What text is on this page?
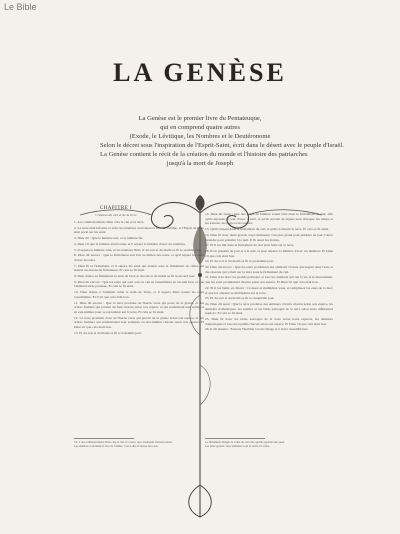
Le Bible
LA GENÈSE
La Genèse est le premier livre du Pentateuque,
qui en comprend quatre autres
(Exode, le Lévitique, les Nombres et le Deutéronome
Selon le décret sous l'inspiration de l'Esprit-Saint, écrit dans le désert avec le peuple d'Israël.
La Genèse contient le récit de la création du monde et l'histoire des patriarches
jusqu'à la mort de Joseph
CHAPITRE I
Création du ciel et de la terre

1. Au commencement, Dieu créa le ciel et la terre.

2. La terre était informe et vide; les ténèbres couvraient la face de l'abîme, et l'Esprit de Dieu était porté sur les eaux.

3. Dieu dit : Que la lumière soit, et la lumière fut.

4. Dieu vit que la lumière était bonne, et il sépara la lumière d'avec les ténèbres.

5. Il appela la lumière Jour, et les ténèbres Nuit; et du soir et du matin se fit le premier jour.

6. Dieu dit encore : Que le firmament soit fait au milieu des eaux, et qu'il sépare les eaux d'avec les eaux.

7. Dieu fit le firmament, et il sépara les eaux qui étaient sous le firmament de celles qui étaient au-dessus du firmament. Et cela se fit ainsi.

8. Dieu donna au firmament le nom de Ciel; et du soir et du matin se fit le second jour.

9. Dieu dit encore : Que les eaux qui sont sous le ciel se rassemblent en un seul lieu, et que l'élément aride paraisse. Et cela se fit ainsi.

10. Dieu donna à l'élément aride le nom de Terre, et il appela Mers toutes les eaux rassemblées. Et il vit que cela était bon.

11. Dieu dit encore : Que la terre produise de l'herbe verte qui porte de la graine, et des arbres fruitiers qui portent du fruit chacun selon son espèce, et qui renferment leur semence en eux-mêmes pour se reproduire sur la terre. Et cela se fit ainsi.

12. La terre produisit donc de l'herbe verte qui portait de la graine selon son espèce, et des arbres fruitiers qui renfermaient leur semence en eux-mêmes chacun selon son espèce. Et Dieu vit que cela était bon.

13. Et du soir et du matin se fit le troisième jour.

14. Dieu dit aussi : Que des corps de lumière soient faits dans le firmament du ciel, afin qu'ils séparent le jour d'avec la nuit, et qu'ils servent de signes pour marquer les temps et les saisons, les jours et les années;

15. Qu'ils luisent dans le firmament du ciel, et qu'ils éclairent la terre. Et cela se fit ainsi.

16. Dieu fit donc deux grands corps lumineux, l'un plus grand pour présider au jour, l'autre moindre pour présider à la nuit. Il fit aussi les étoiles.

17. Et il les mit dans le firmament du ciel pour luire sur la terre,

18. Pour présider au jour et à la nuit, et pour séparer la lumière d'avec les ténèbres. Et Dieu vit que cela était bon.

19. Et du soir et du matin se fit le quatrième jour.

20. Dieu dit encore : Que les eaux produisent des animaux vivants qui nagent dans l'eau, et des oiseaux qui volent sur la terre sous le firmament du ciel.

21. Dieu créa donc les grands poissons, et tous les animaux qui ont la vie et le mouvement, que les eaux produisirent chacun selon son espèce. Et Dieu vit que cela était bon.

22. Et il les bénit, en disant : Croissez et multipliez-vous, et remplissez les eaux de la mer; et que les oiseaux se multiplient sur la terre.

23. Et du soir et du matin se fit le cinquième jour.

24. Dieu dit aussi : Que la terre produise des animaux vivants chacun selon son espèce, les animaux domestiques, les reptiles et les bêtes sauvages de la terre selon leurs différentes espèces. Et cela se fit ainsi.

25. Dieu fit donc les bêtes sauvages de la terre selon leurs espèces, les animaux domestiques et tous les reptiles chacun selon son espèce. Et Dieu vit que cela était bon.

26. Il dit ensuite : Faisons l'homme à notre image et à notre ressemblance.

Ch. I. Au commencement, Dieu créa le ciel et la terre, qui constituent l'univers entier.
Les ténèbres couvraient la face de l'abîme, c'est-à-dire la masse des eaux.
Le firmament désigne la voûte du ciel telle qu'elle apparaît aux yeux.
Les deux grands corps lumineux sont le soleil et la lune.
